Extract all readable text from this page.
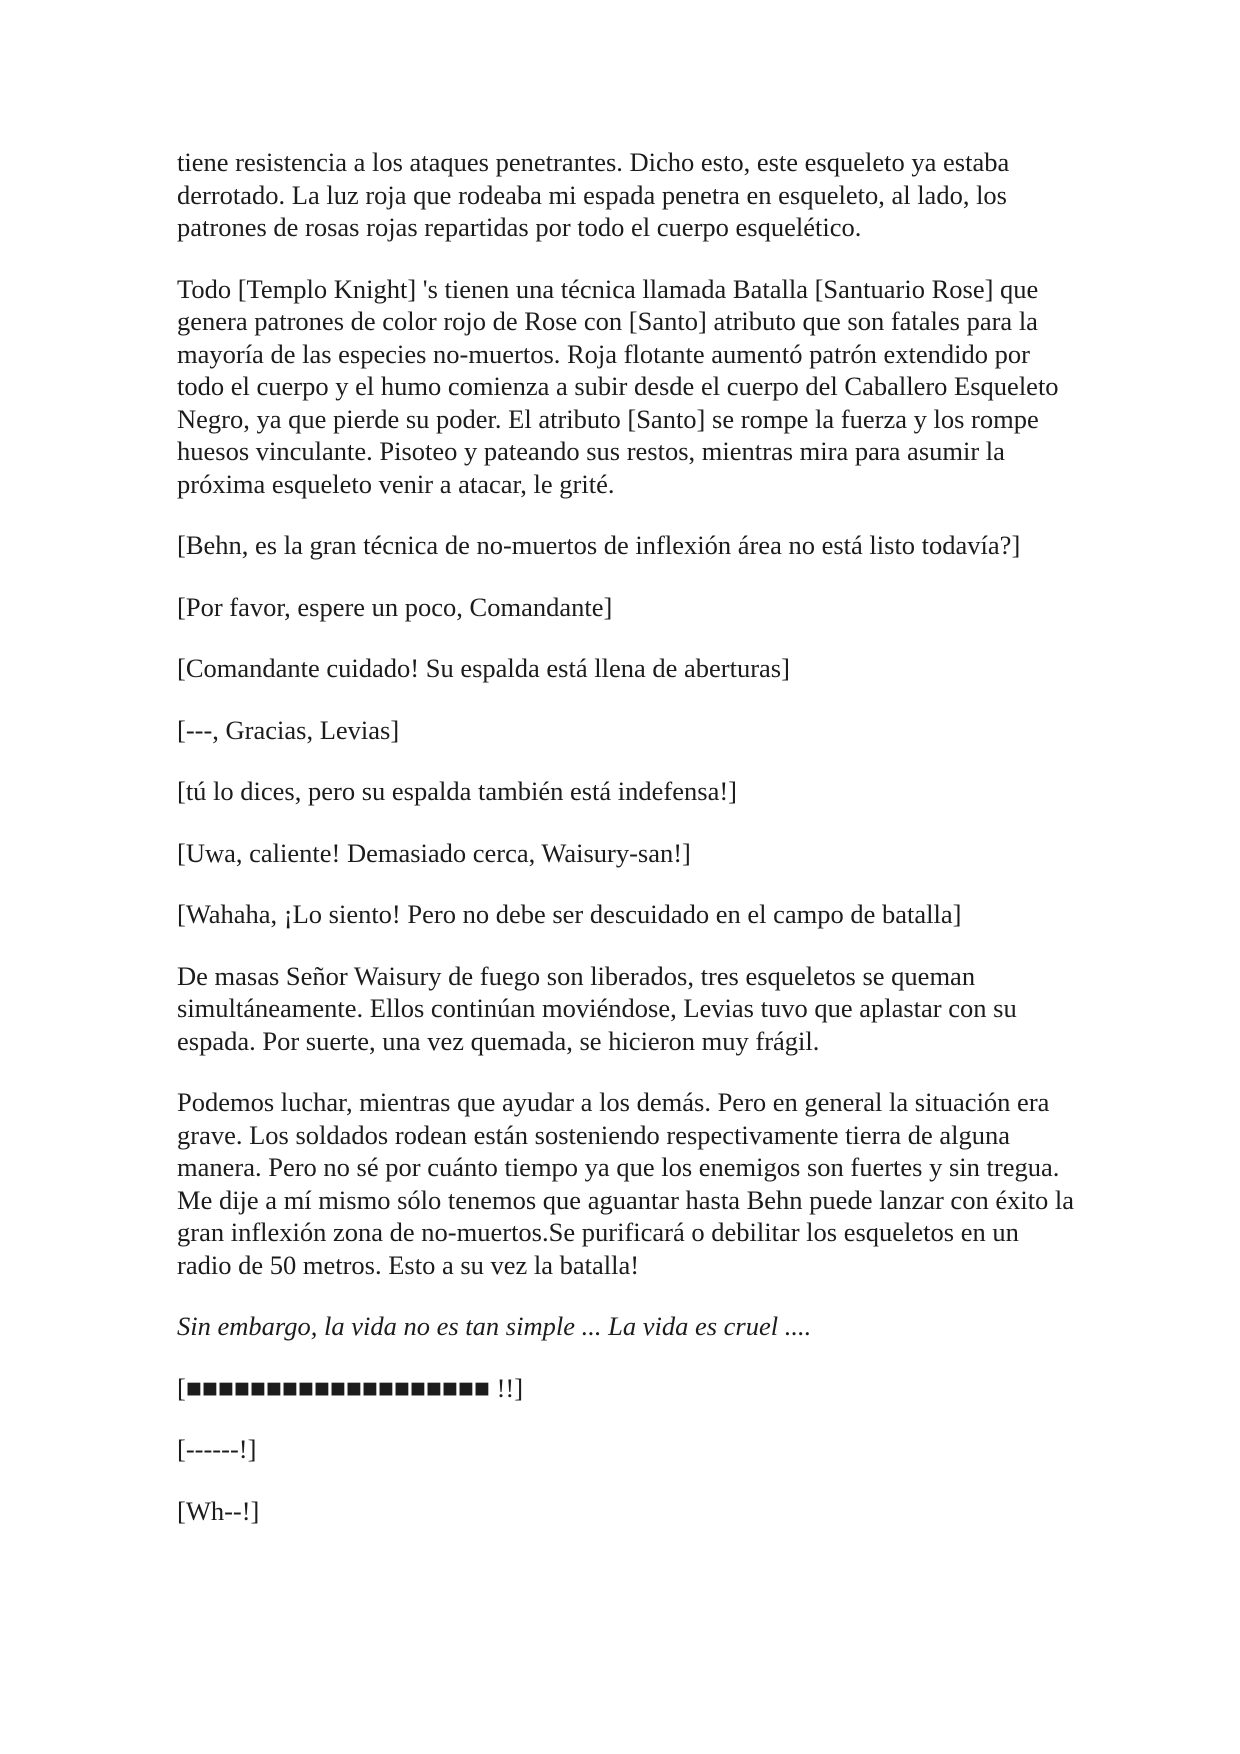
tiene resistencia a los ataques penetrantes. Dicho esto, este esqueleto ya estaba derrotado. La luz roja que rodeaba mi espada penetra en esqueleto, al lado, los patrones de rosas rojas repartidas por todo el cuerpo esquelético.

Todo [Templo Knight] 's tienen una técnica llamada Batalla [Santuario Rose] que genera patrones de color rojo de Rose con [Santo] atributo que son fatales para la mayoría de las especies no-muertos. Roja flotante aumentó patrón extendido por todo el cuerpo y el humo comienza a subir desde el cuerpo del Caballero Esqueleto Negro, ya que pierde su poder. El atributo [Santo] se rompe la fuerza y los rompe huesos vinculante. Pisoteo y pateando sus restos, mientras mira para asumir la próxima esqueleto venir a atacar, le grité.

[Behn, es la gran técnica de no-muertos de inflexión área no está listo todavía?]

[Por favor, espere un poco, Comandante]

[Comandante cuidado! Su espalda está llena de aberturas]

[---, Gracias, Levias]

[tú lo dices, pero su espalda también está indefensa!]

[Uwa, caliente! Demasiado cerca, Waisury-san!]

[Wahaha, ¡Lo siento! Pero no debe ser descuidado en el campo de batalla]

De masas Señor Waisury de fuego son liberados, tres esqueletos se queman simultáneamente. Ellos continúan moviéndose, Levias tuvo que aplastar con su espada. Por suerte, una vez quemada, se hicieron muy frágil.

Podemos luchar, mientras que ayudar a los demás. Pero en general la situación era grave. Los soldados rodean están sosteniendo respectivamente tierra de alguna manera. Pero no sé por cuánto tiempo ya que los enemigos son fuertes y sin tregua. Me dije a mí mismo sólo tenemos que aguantar hasta Behn puede lanzar con éxito la gran inflexión zona de no-muertos.Se purificará o debilitar los esqueletos en un radio de 50 metros. Esto a su vez la batalla!

Sin embargo, la vida no es tan simple ... La vida es cruel ....

[■■■■■■■■■■■■■■■■■■■ !!]

[------!]

[Wh--!]
